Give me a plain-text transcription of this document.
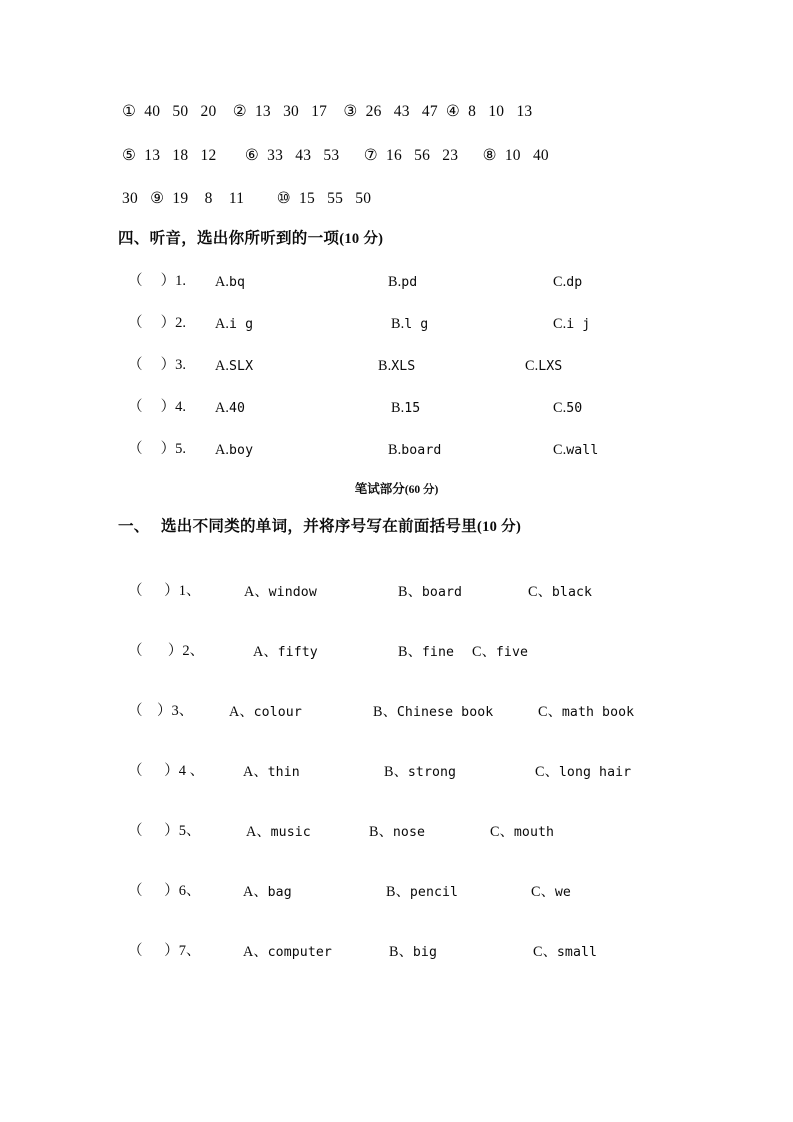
①  40   50   20    ②  13   30   17    ③  26   43   47  ④  8   10   13
⑤  13   18   12       ⑥  33   43   53      ⑦  16   56   23      ⑧  10   40
30   ⑨  19    8    11        ⑩  15   55   50
四、听音，选出你所听到的一项(10 分)
（     ）1. A.bq	B.pd	C.dp
（     ）2. A.i g	B.l g	C.i j
（     ）3. A.SLX	B.XLS	C.LXS
（     ）4. A.40	B.15	C.50
（     ）5. A.boy	B.board	C.wall
笔试部分(60 分)
一、  选出不同类的单词，并将序号写在前面括号里(10 分)
（      ）1、	A、window	B、board	C、black
（       ）2、	A、fifty	B、fine C、five
（    ）3、	A、colour	B、Chinese book	C、math book
（      ）4 、	A、thin	B、strong	C、long hair
（      ）5、	A、music	B、nose	C、mouth
（      ）6、	A、bag	B、pencil	C、we
（      ）7、	A、computer	B、big	C、small
